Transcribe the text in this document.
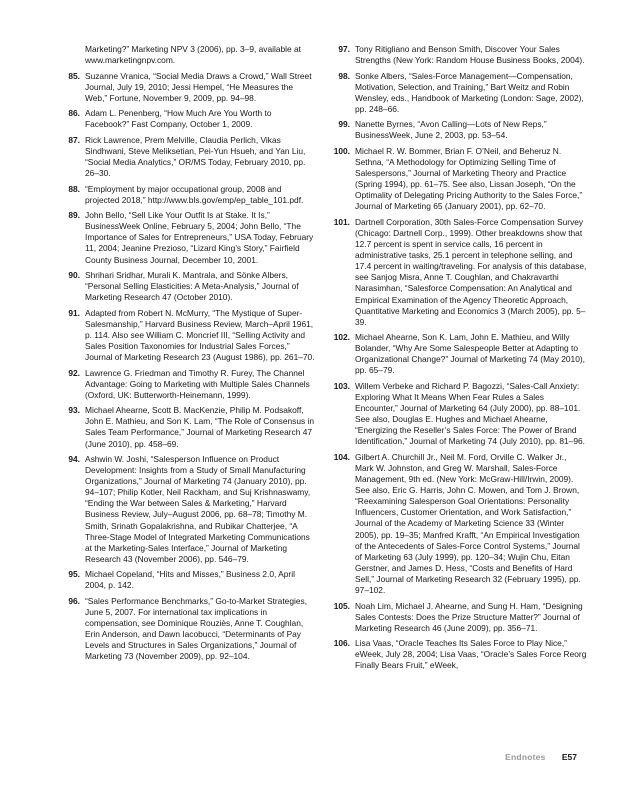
Marketing?” Marketing NPV 3 (2006), pp. 3–9, available at www.marketingnpv.com.
85. Suzanne Vranica, “Social Media Draws a Crowd,” Wall Street Journal, July 19, 2010; Jessi Hempel, “He Measures the Web,” Fortune, November 9, 2009, pp. 94–98.
86. Adam L. Penenberg, “How Much Are You Worth to Facebook?” Fast Company, October 1, 2009.
87. Rick Lawrence, Prem Melville, Claudia Perlich, Vikas Sindhwani, Steve Meliksetian, Pei-Yun Hsueh, and Yan Liu, “Social Media Analytics,” OR/MS Today, February 2010, pp. 26–30.
88. “Employment by major occupational group, 2008 and projected 2018,” http://www.bls.gov/emp/ep_table_101.pdf.
89. John Bello, “Sell Like Your Outfit Is at Stake. It Is,” BusinessWeek Online, February 5, 2004; John Bello, “The Importance of Sales for Entrepreneurs,” USA Today, February 11, 2004; Jeanine Prezioso, “Lizard King’s Story,” Fairfield County Business Journal, December 10, 2001.
90. Shrihari Sridhar, Murali K. Mantrala, and Sönke Albers, “Personal Selling Elasticities: A Meta-Analysis,” Journal of Marketing Research 47 (October 2010).
91. Adapted from Robert N. McMurry, “The Mystique of Super-Salesmanship,” Harvard Business Review, March–April 1961, p. 114. Also see William C. Moncrief III, “Selling Activity and Sales Position Taxonomies for Industrial Sales Forces,” Journal of Marketing Research 23 (August 1986), pp. 261–70.
92. Lawrence G. Friedman and Timothy R. Furey, The Channel Advantage: Going to Marketing with Multiple Sales Channels (Oxford, UK: Butterworth-Heinemann, 1999).
93. Michael Ahearne, Scott B. MacKenzie, Philip M. Podsakoff, John E. Mathieu, and Son K. Lam, “The Role of Consensus in Sales Team Performance,” Journal of Marketing Research 47 (June 2010), pp. 458–69.
94. Ashwin W. Joshi, “Salesperson Influence on Product Development: Insights from a Study of Small Manufacturing Organizations,” Journal of Marketing 74 (January 2010), pp. 94–107; Philip Kotler, Neil Rackham, and Suj Krishnaswamy, “Ending the War between Sales & Marketing,” Harvard Business Review, July–August 2006, pp. 68–78; Timothy M. Smith, Srinath Gopalakrishna, and Rubikar Chatterjee, “A Three-Stage Model of Integrated Marketing Communications at the Marketing-Sales Interface,” Journal of Marketing Research 43 (November 2006), pp. 546–79.
95. Michael Copeland, “Hits and Misses,” Business 2.0, April 2004, p. 142.
96. “Sales Performance Benchmarks,” Go-to-Market Strategies, June 5, 2007. For international tax implications in compensation, see Dominique Rouziès, Anne T. Coughlan, Erin Anderson, and Dawn Iacobucci, “Determinants of Pay Levels and Structures in Sales Organizations,” Journal of Marketing 73 (November 2009), pp. 92–104.
97. Tony Ritigliano and Benson Smith, Discover Your Sales Strengths (New York: Random House Business Books, 2004).
98. Sonke Albers, “Sales-Force Management—Compensation, Motivation, Selection, and Training,” Bart Weitz and Robin Wensley, eds., Handbook of Marketing (London: Sage, 2002), pp. 248–66.
99. Nanette Byrnes, “Avon Calling—Lots of New Reps,” BusinessWeek, June 2, 2003, pp. 53–54.
100. Michael R. W. Bommer, Brian F. O’Neil, and Beheruz N. Sethna, “A Methodology for Optimizing Selling Time of Salespersons,” Journal of Marketing Theory and Practice (Spring 1994), pp. 61–75. See also, Lissan Joseph, “On the Optimality of Delegating Pricing Authority to the Sales Force,” Journal of Marketing 65 (January 2001), pp. 62–70.
101. Dartnell Corporation, 30th Sales-Force Compensation Survey (Chicago: Dartnell Corp., 1999). Other breakdowns show that 12.7 percent is spent in service calls, 16 percent in administrative tasks, 25.1 percent in telephone selling, and 17.4 percent in waiting/traveling. For analysis of this database, see Sanjog Misra, Anne T. Coughlan, and Chakravarthi Narasimhan, “Salesforce Compensation: An Analytical and Empirical Examination of the Agency Theoretic Approach, Quantitative Marketing and Economics 3 (March 2005), pp. 5–39.
102. Michael Ahearne, Son K. Lam, John E. Mathieu, and Willy Bolander, “Why Are Some Salespeople Better at Adapting to Organizational Change?” Journal of Marketing 74 (May 2010), pp. 65–79.
103. Willem Verbeke and Richard P. Bagozzi, “Sales-Call Anxiety: Exploring What It Means When Fear Rules a Sales Encounter,” Journal of Marketing 64 (July 2000), pp. 88–101. See also, Douglas E. Hughes and Michael Ahearne, “Energizing the Reseller’s Sales Force: The Power of Brand Identification,” Journal of Marketing 74 (July 2010), pp. 81–96.
104. Gilbert A. Churchill Jr., Neil M. Ford, Orville C. Walker Jr., Mark W. Johnston, and Greg W. Marshall, Sales-Force Management, 9th ed. (New York: McGraw-Hill/Irwin, 2009). See also, Eric G. Harris, John C. Mowen, and Tom J. Brown, “Reexamining Salesperson Goal Orientations: Personality Influencers, Customer Orientation, and Work Satisfaction,” Journal of the Academy of Marketing Science 33 (Winter 2005), pp. 19–35; Manfred Krafft, “An Empirical Investigation of the Antecedents of Sales-Force Control Systems,” Journal of Marketing 63 (July 1999), pp. 120–34; Wujin Chu, Eitan Gerstner, and James D. Hess, “Costs and Benefits of Hard Sell,” Journal of Marketing Research 32 (February 1995), pp. 97–102.
105. Noah Lim, Michael J. Ahearne, and Sung H. Ham, “Designing Sales Contests: Does the Prize Structure Matter?” Journal of Marketing Research 46 (June 2009), pp. 356–71.
106. Lisa Vaas, “Oracle Teaches Its Sales Force to Play Nice,” eWeek, July 28, 2004; Lisa Vaas, “Oracle’s Sales Force Reorg Finally Bears Fruit,” eWeek,
Endnotes E57
